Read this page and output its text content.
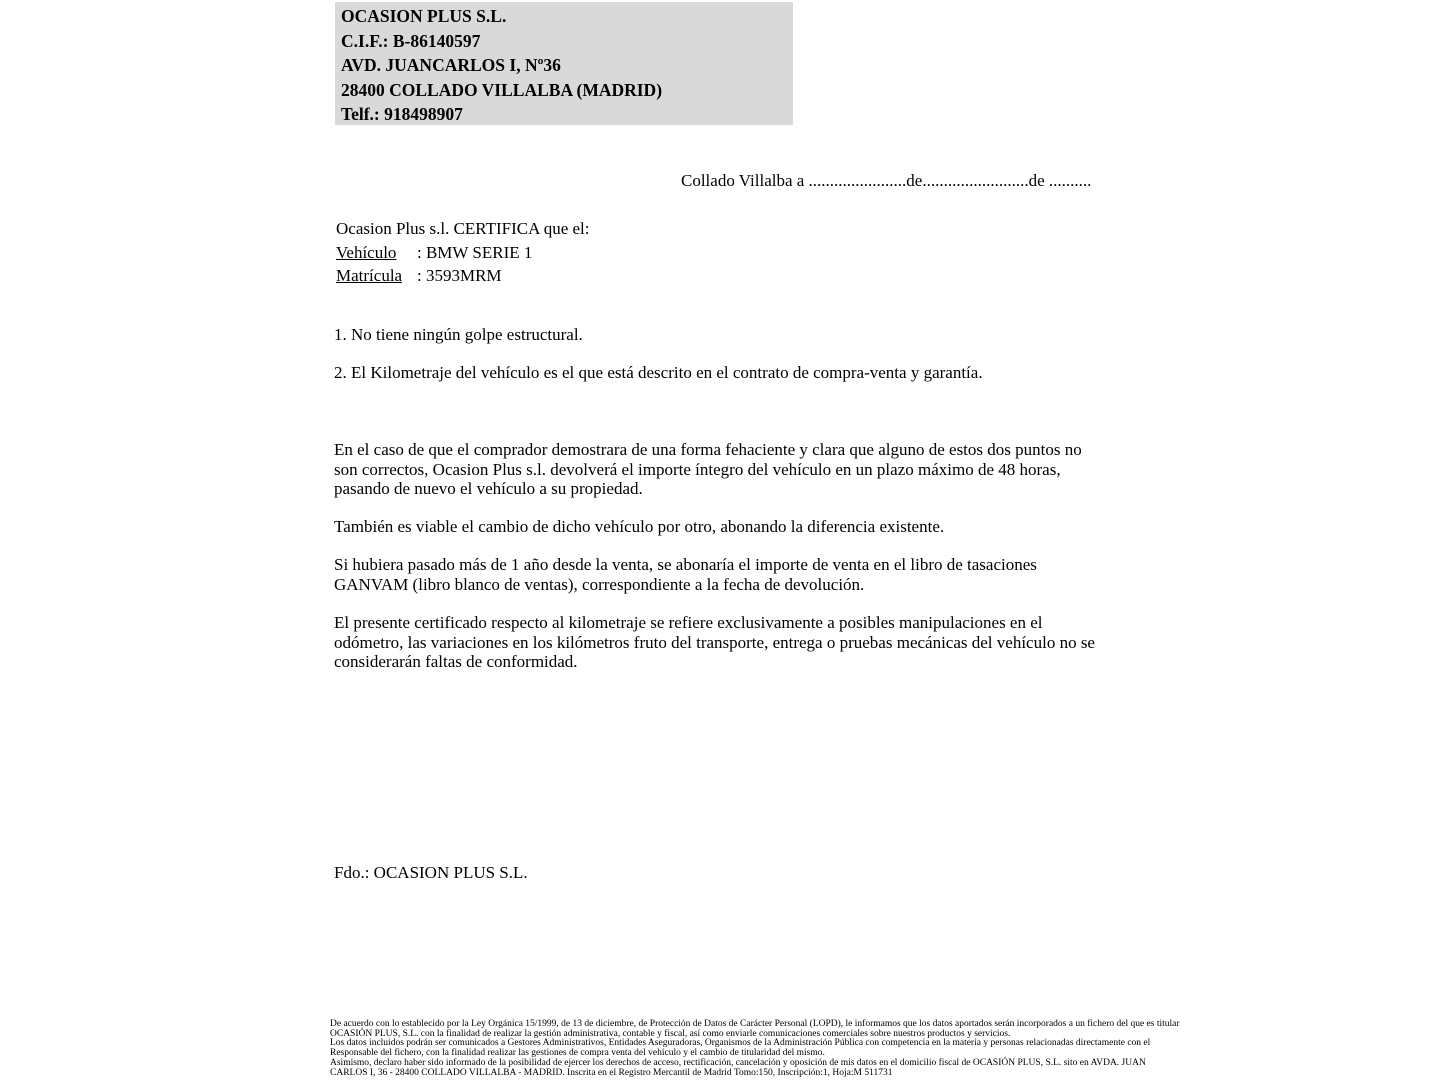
OCASION PLUS S.L.
C.I.F.: B-86140597
AVD. JUANCARLOS I, Nº36
28400 COLLADO VILLALBA (MADRID)
Telf.: 918498907
Collado Villalba a .......................de.........................de ..........
Ocasion Plus s.l. CERTIFICA que el:
Vehículo : BMW SERIE 1
Matrícula : 3593MRM
1. No tiene ningún golpe estructural.
2. El Kilometraje del vehículo es el que está descrito en el contrato de compra-venta y garantía.
En el caso de que el comprador demostrara de una forma fehaciente y clara que alguno de estos dos puntos no son correctos, Ocasion Plus s.l. devolverá el importe íntegro del vehículo en un plazo máximo de 48 horas, pasando de nuevo el vehículo a su propiedad.
También es viable el cambio de dicho vehículo por otro, abonando la diferencia existente.
Si hubiera pasado más de 1 año desde la venta, se abonaría el importe de venta en el libro de tasaciones GANVAM (libro blanco de ventas), correspondiente a la fecha de devolución.
El presente certificado respecto al kilometraje se refiere exclusivamente a posibles manipulaciones en el odómetro, las variaciones en los kilómetros fruto del transporte, entrega o pruebas mecánicas del vehículo no se considerarán faltas de conformidad.
Fdo.: OCASION PLUS S.L.
De acuerdo con lo establecido por la Ley Orgánica 15/1999, de 13 de diciembre, de Protección de Datos de Carácter Personal (LOPD), le informamos que los datos aportados serán incorporados a un fichero del que es titular
OCASIÓN PLUS, S.L. con la finalidad de realizar la gestión administrativa, contable y fiscal, así como enviarle comunicaciones comerciales sobre nuestros productos y servicios.
Los datos incluidos podrán ser comunicados a Gestores Administrativos, Entidades Aseguradoras, Organismos de la Administración Pública con competencia en la materia y personas relacionadas directamente con el
Responsable del fichero, con la finalidad realizar las gestiones de compra venta del vehículo y el cambio de titularidad del mismo.
Asimismo, declaro haber sido informado de la posibilidad de ejercer los derechos de acceso, rectificación, cancelación y oposición de mis datos en el domicilio fiscal de OCASIÓN PLUS, S.L. sito en AVDA. JUAN
CARLOS I, 36 - 28400 COLLADO VILLALBA - MADRID. Inscrita en el Registro Mercantil de Madrid Tomo:150, Inscripción:1, Hoja:M 511731
